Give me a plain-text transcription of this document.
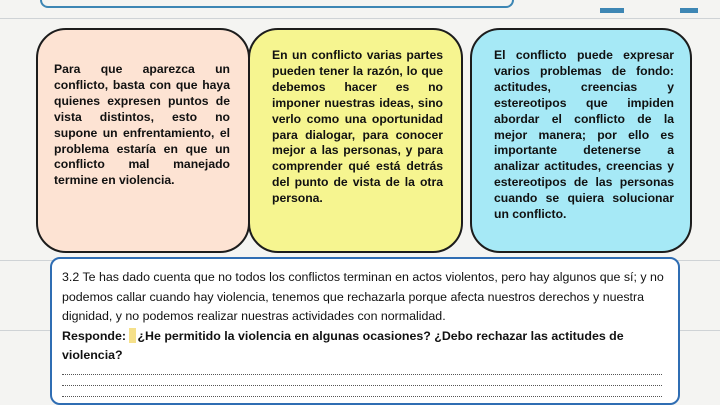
Para que aparezca un conflicto, basta con que haya quienes expresen puntos de vista distintos, esto no supone un enfrentamiento, el problema estaría en que un conflicto mal manejado termine en violencia.

En un conflicto varias partes pueden tener la razón, lo que debemos hacer es no imponer nuestras ideas, sino verlo como una oportunidad para dialogar, para conocer mejor a las personas, y para comprender qué está detrás del punto de vista de la otra persona.

El conflicto puede expresar varios problemas de fondo: actitudes, creencias y estereotipos que impiden abordar el conflicto de la mejor manera; por ello es importante detenerse a analizar actitudes, creencias y estereotipos de las personas cuando se quiera solucionar un conflicto.

3.2 Te has dado cuenta que no todos los conflictos terminan en actos violentos, pero hay algunos que sí; y no podemos callar cuando hay violencia, tenemos que rechazarla porque afecta nuestros derechos y nuestra dignidad, y no podemos realizar nuestras actividades con normalidad.

Responde: ¿He permitido la violencia en algunas ocasiones? ¿Debo rechazar las actitudes de violencia?
